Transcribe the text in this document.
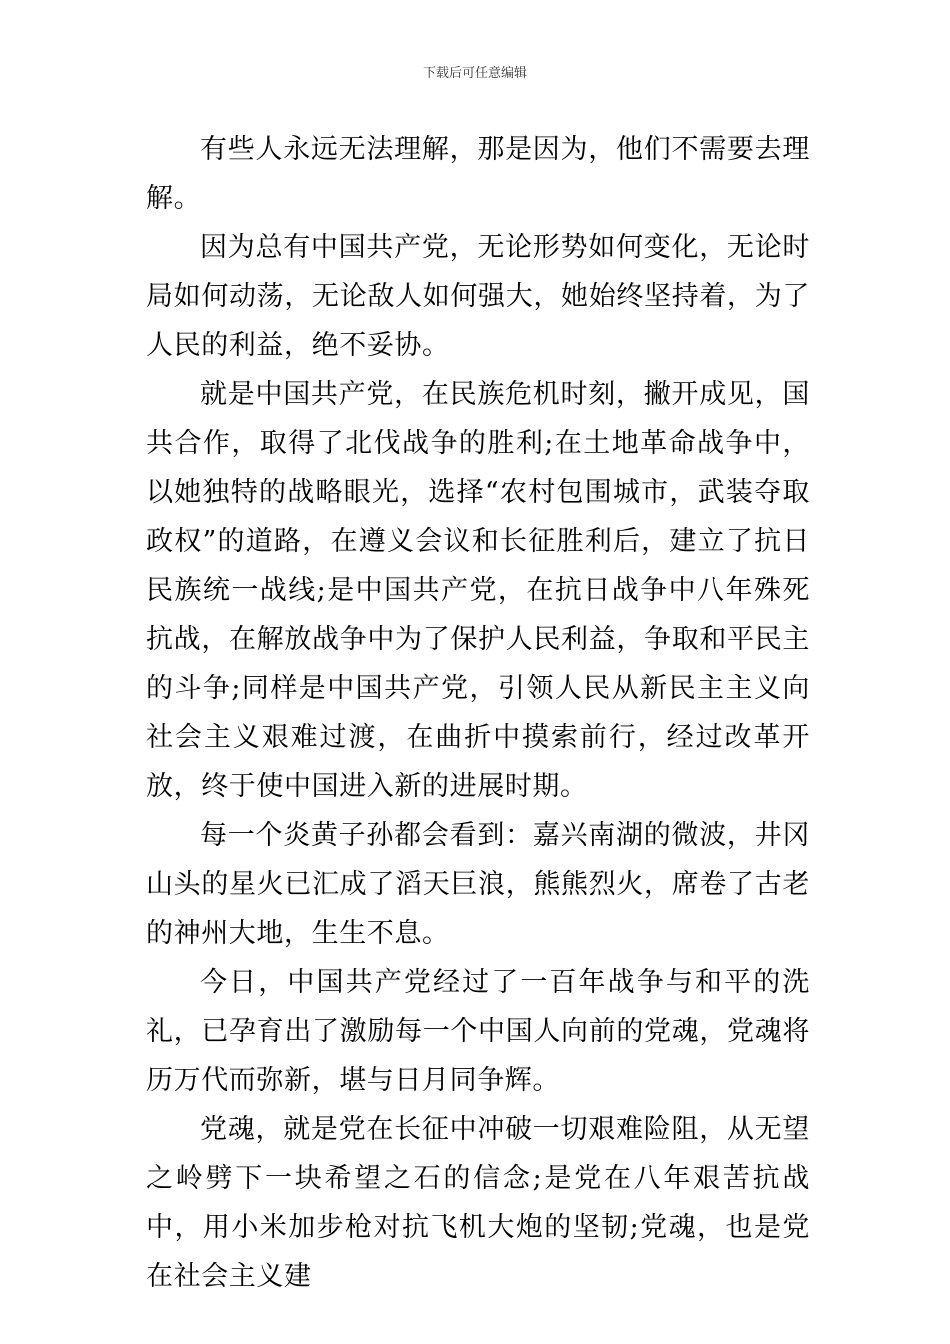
下载后可任意编辑

有些人永远无法理解，那是因为，他们不需要去理解。

因为总有中国共产党，无论形势如何变化，无论时局如何动荡，无论敌人如何强大，她始终坚持着，为了人民的利益，绝不妥协。

就是中国共产党，在民族危机时刻，撇开成见，国共合作，取得了北伐战争的胜利;在土地革命战争中，以她独特的战略眼光，选择“农村包围城市，武装夺取政权”的道路，在遵义会议和长征胜利后，建立了抗日民族统一战线;是中国共产党，在抗日战争中八年殊死抗战，在解放战争中为了保护人民利益，争取和平民主的斗争;同样是中国共产党，引领人民从新民主主义向社会主义艰难过渡，在曲折中摸索前行，经过改革开放，终于使中国进入新的进展时期。

每一个炎黄子孙都会看到：嘉兴南湖的微波，井冈山头的星火已汇成了滔天巨浪，熊熊烈火，席卷了古老的神州大地，生生不息。

今日，中国共产党经过了一百年战争与和平的洗礼，已孕育出了激励每一个中国人向前的党魂，党魂将历万代而弥新，堪与日月同争辉。

党魂，就是党在长征中冲破一切艰难险阻，从无望之岭劈下一块希望之石的信念;是党在八年艰苦抗战中，用小米加步枪对抗飞机大炮的坚韧;党魂，也是党在社会主义建
